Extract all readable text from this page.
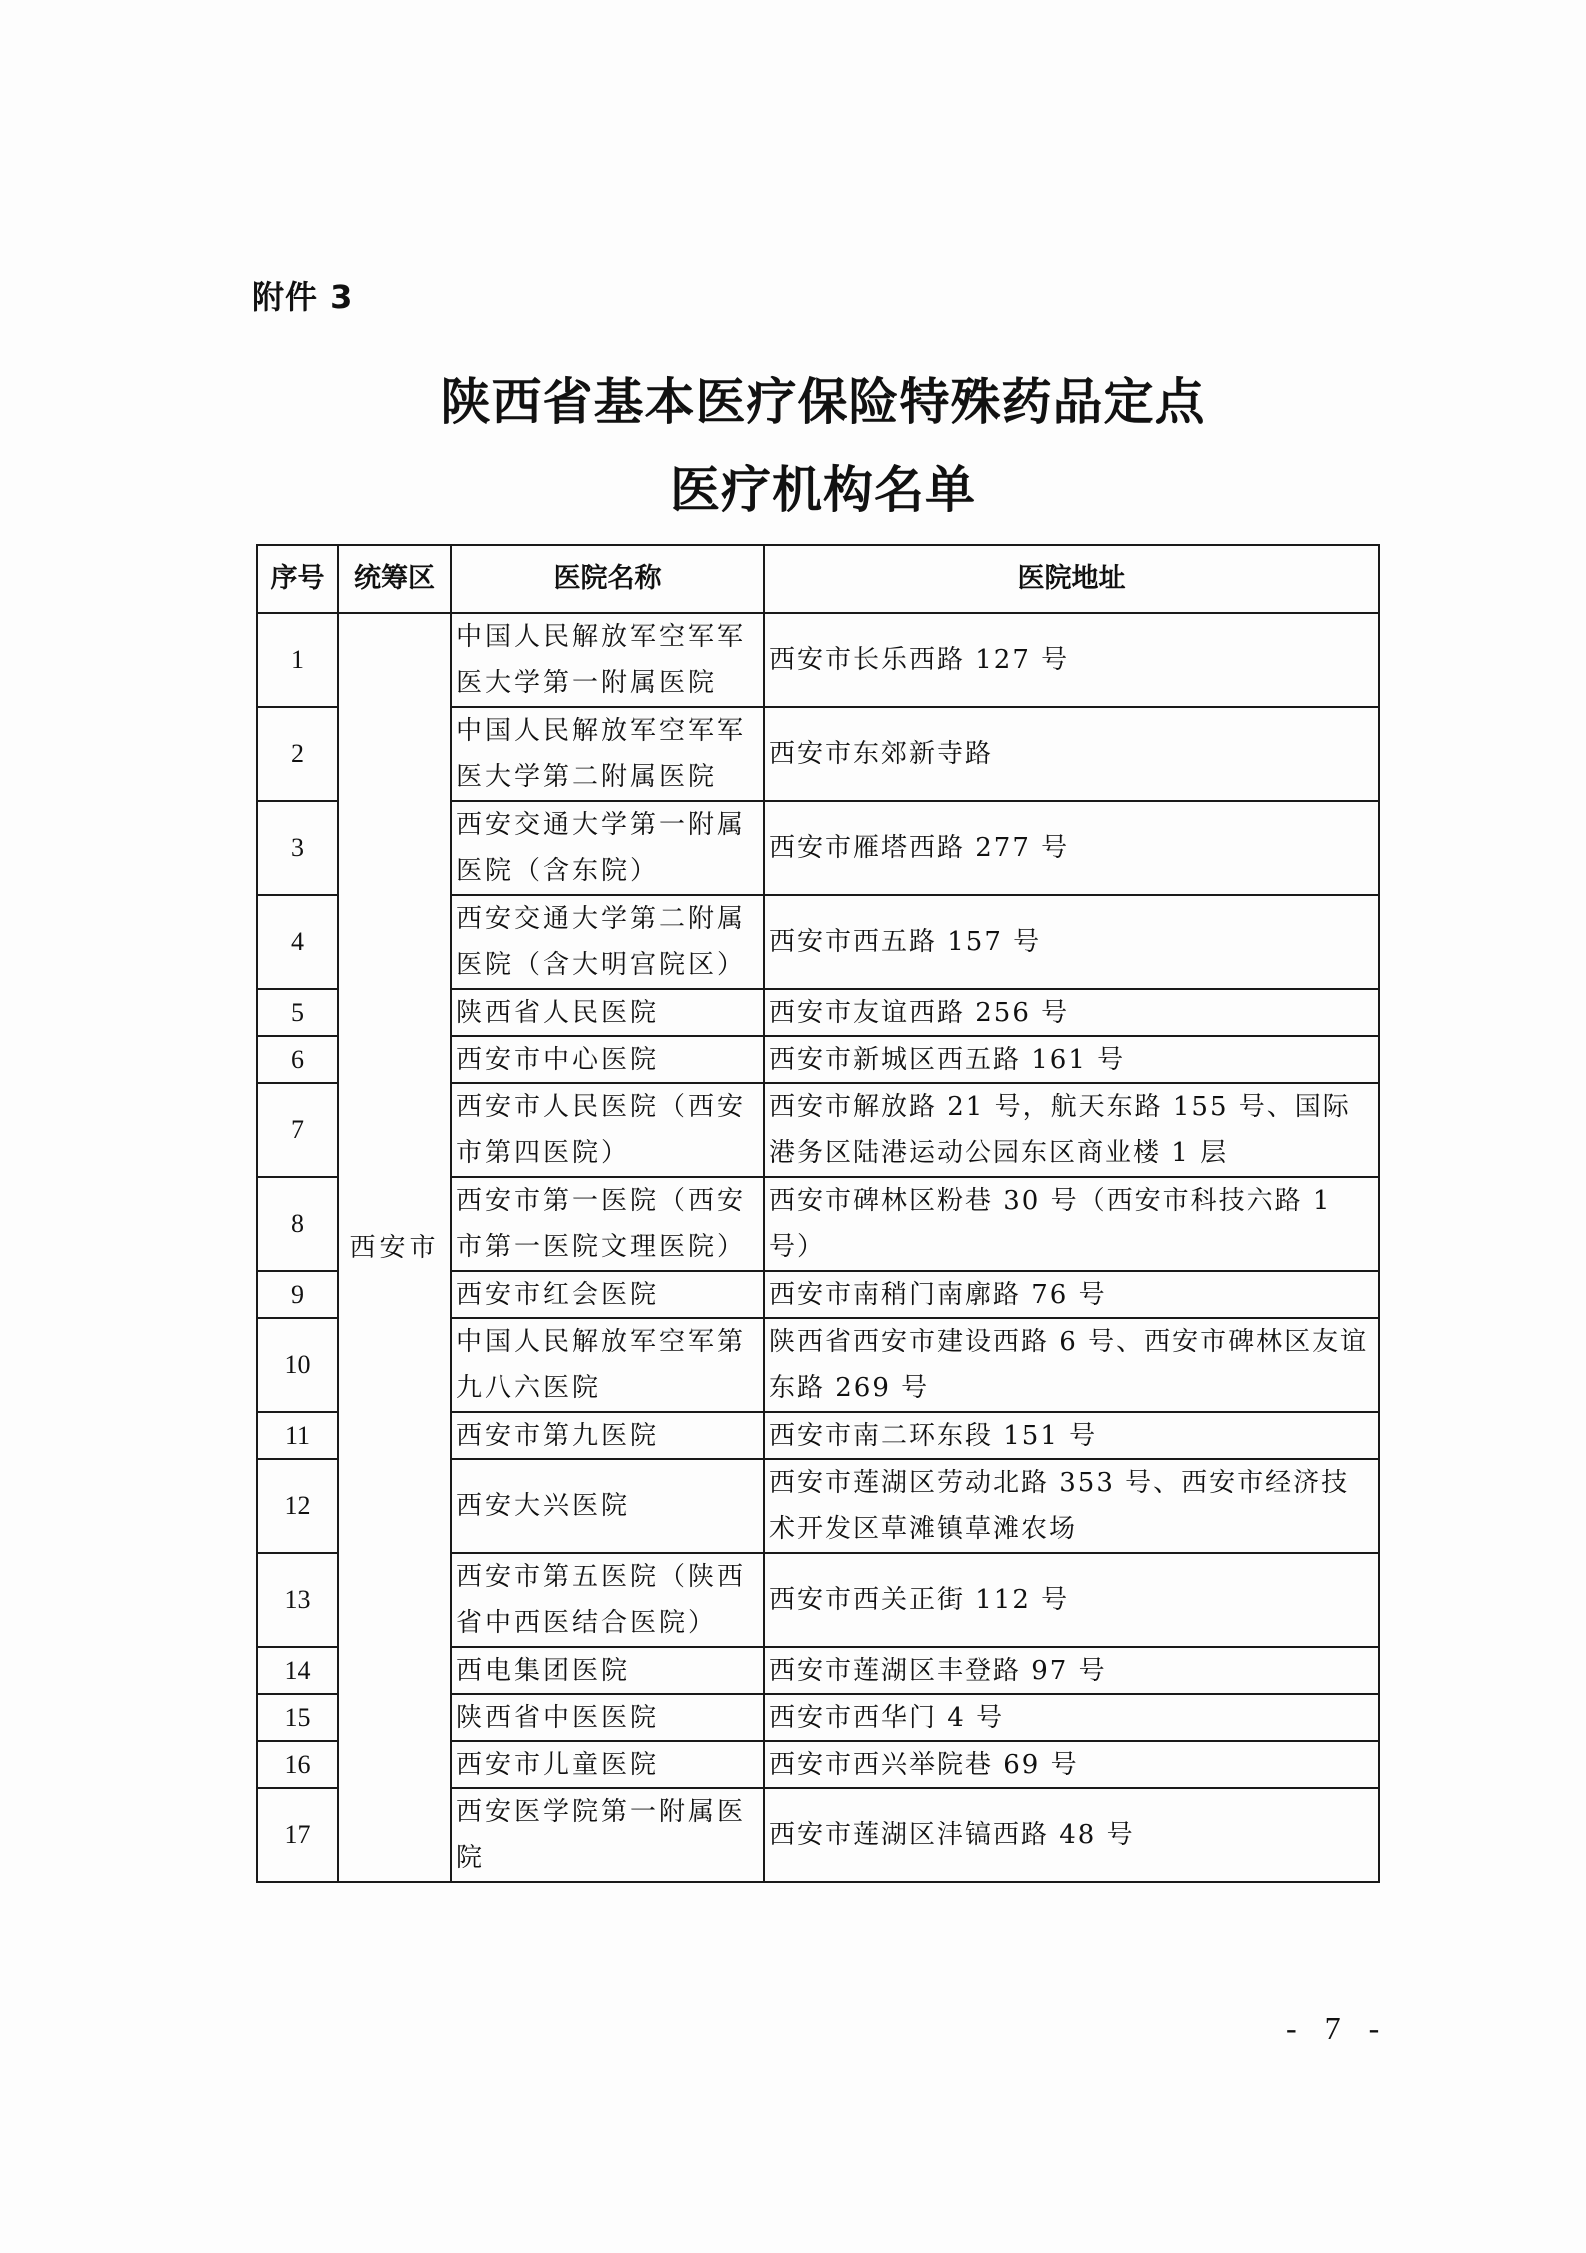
附件 3
陕西省基本医疗保险特殊药品定点
医疗机构名单
序号	统筹区	医院名称	医院地址
1	西安市	中国人民解放军空军军医大学第一附属医院	西安市长乐西路 127 号
2		中国人民解放军空军军医大学第二附属医院	西安市东郊新寺路
3		西安交通大学第一附属医院（含东院）	西安市雁塔西路 277 号
4		西安交通大学第二附属医院（含大明宫院区）	西安市西五路 157 号
5		陕西省人民医院	西安市友谊西路 256 号
6		西安市中心医院	西安市新城区西五路 161 号
7		西安市人民医院（西安市第四医院）	西安市解放路 21 号，航天东路 155 号、国际港务区陆港运动公园东区商业楼 1 层
8		西安市第一医院（西安市第一医院文理医院）	西安市碑林区粉巷 30 号（西安市科技六路 1 号）
9		西安市红会医院	西安市南稍门南廓路 76 号
10		中国人民解放军空军第九八六医院	陕西省西安市建设西路 6 号、西安市碑林区友谊东路 269 号
11		西安市第九医院	西安市南二环东段 151 号
12		西安大兴医院	西安市莲湖区劳动北路 353 号、西安市经济技术开发区草滩镇草滩农场
13		西安市第五医院（陕西省中西医结合医院）	西安市西关正街 112 号
14		西电集团医院	西安市莲湖区丰登路 97 号
15		陕西省中医医院	西安市西华门 4 号
16		西安市儿童医院	西安市西兴举院巷 69 号
17		西安医学院第一附属医院	西安市莲湖区沣镐西路 48 号
- 7 -
